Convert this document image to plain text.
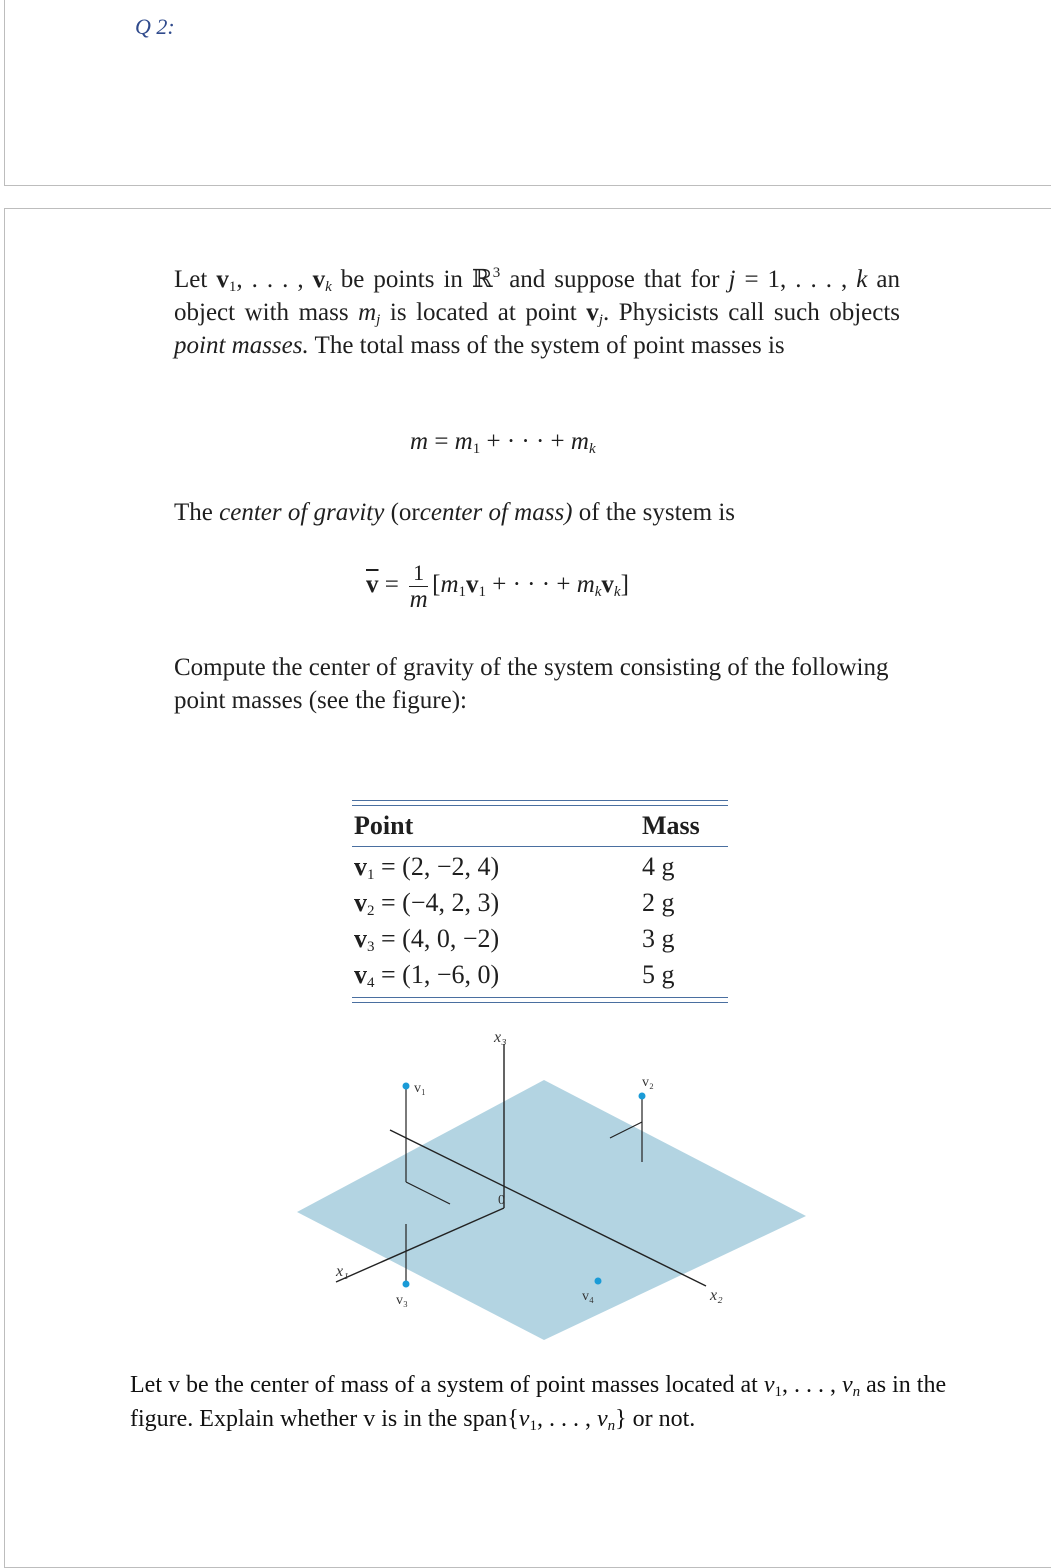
Q 2:
Let $v_1$, . . . , $v_k$ be points in ℝ$^3$ and suppose that for j = 1, . . . , k an object with mass $m_j$ is located at point $v_j$. Physicists call such objects point masses. The total mass of the system of point masses is
$m = m_1$ + · · · + $m_k$
The center of gravity (orcenter of mass) of the system is
$\overline{v} = \frac{1}{m} [m_1v_1$ + · · · + $m_kv_k$]
Compute the center of gravity of the system consisting of the following point masses (see the figure):
Point	Mass
$v_1 = (2$, −2, 4)	4 g
$v_2 = (-4$, 2, 3)	2 g
$v_3 = (4$, 0, −2)	3 g
$v_4 = (1$, −6, 0)	5 g
x₃
x₁
x₂
0
v₁	v₂
v₃	v₄
Let v be the center of mass of a system of point masses located at $v_1$, . . . , $v_n$ as in the figure. Explain whether v is in the $span\{v_1$, . . . , $v_n$} or not.
